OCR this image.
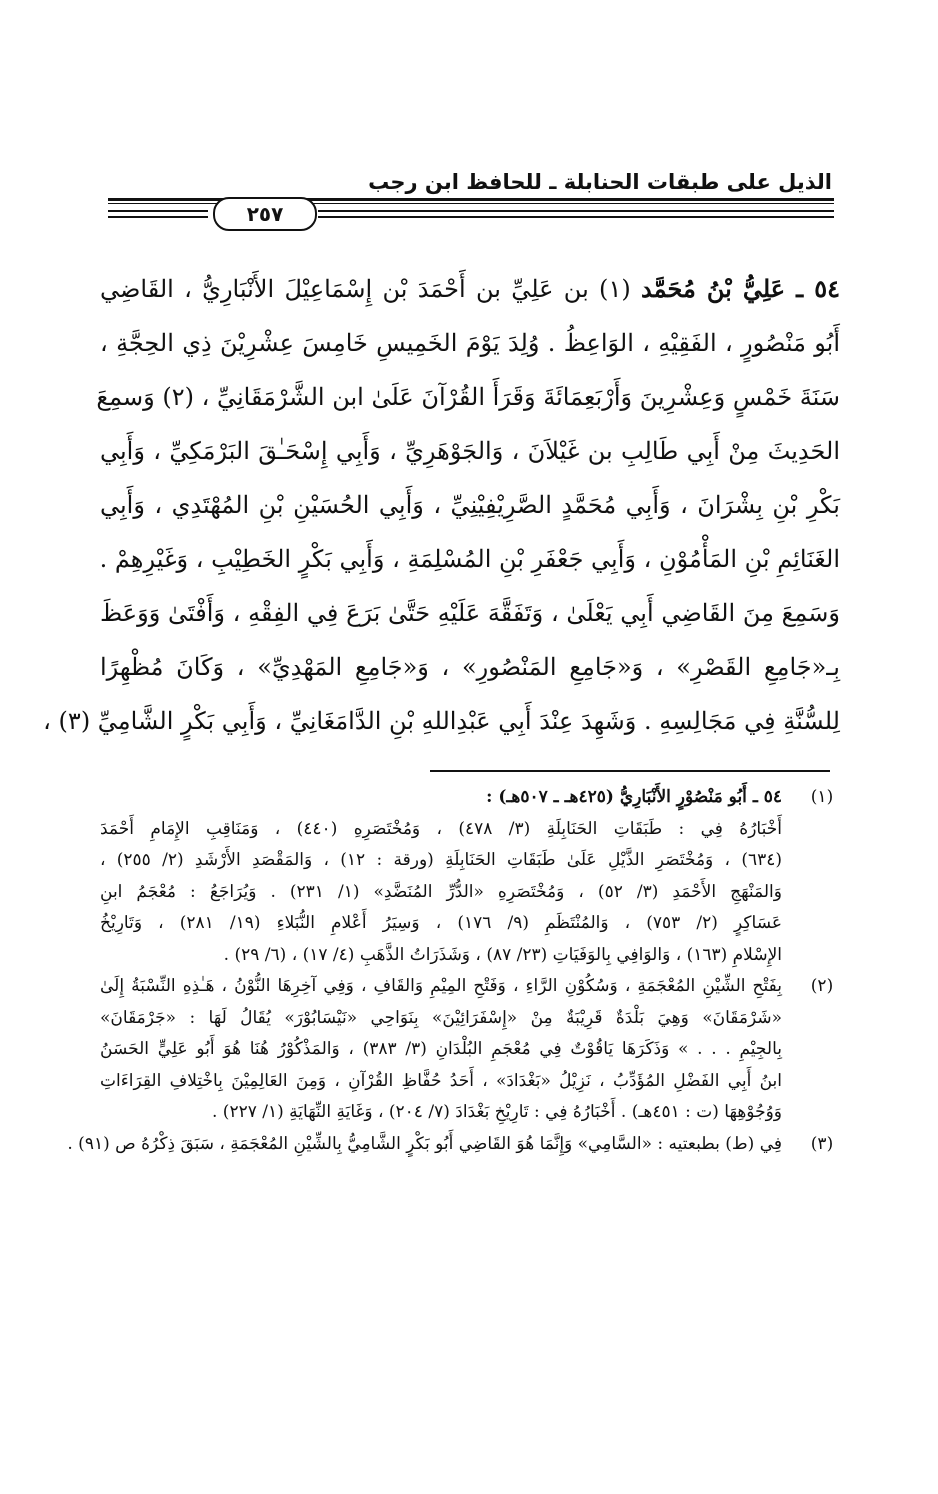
الذيل على طبقات الحنابلة ـ للحافظ ابن رجب
٢٥٧
٥٤ ـ عَلِيُّ بْنُ مُحَمَّد (١) بن عَلِيِّ بن أَحْمَدَ بْن إِسْمَاعِيْلَ الأَنْبَارِيُّ ، القَاضِي
أَبُو مَنْصُورٍ ، الفَقِيْهِ ، الوَاعِظُ . وُلِدَ يَوْمَ الخَمِيسِ خَامِسَ عِشْرِيْنَ ذِي الحِجَّةِ ،
سَنَةَ خَمْسٍ وَعِشْرِينَ وَأَرْبَعِمَائَةَ وَقَرَأَ القُرْآنَ عَلَىٰ ابن الشَّرْمَقَانِيِّ ، (٢) وَسمِعَ
الحَدِيثَ مِنْ أَبِي طَالِبِ بن غَيْلاَنَ ، وَالجَوْهَرِيِّ ، وَأَبِي إِسْحَـٰقَ البَرْمَكِيِّ ، وَأَبِي
بَكْرِ بْنِ بِشْرَانَ ، وَأَبِي مُحَمَّدٍ الصَّرِيْفِيْنِيِّ ، وَأَبِي الحُسَيْنِ بْنِ المُهْتَدِي ، وَأَبِي
الغَنَائِمِ بْنِ المَأْمُوْنِ ، وَأَبِي جَعْفَرِ بْنِ المُسْلِمَةِ ، وَأَبِي بَكْرٍ الخَطِيْبِ ، وَغَيْرِهِمْ .
وَسَمِعَ مِنَ القَاضِي أَبِي يَعْلَىٰ ، وَتَفَقَّهَ عَلَيْهِ حَتَّىٰ بَرَعَ فِي الفِقْهِ ، وَأَفْتَىٰ وَوَعَظَ
بِـ«جَامِعِ القَصْرِ» ، وَ«جَامِعِ المَنْصُورِ» ، وَ«جَامِعِ المَهْدِيِّ» ، وَكَانَ مُظْهِرًا
لِلسُّنَّةِ فِي مَجَالِسِهِ . وَشَهِدَ عِنْدَ أَبِي عَبْدِاللهِ بْنِ الدَّامَغَانِيِّ ، وَأَبِي بَكْرٍ الشَّامِيِّ (٣) ،
(١)
٥٤ ـ أَبُو مَنْصُوْرٍ الأَنْبَارِيُّ (٤٢٥هـ ـ ٥٠٧هـ) :
أَخْبَارُهُ فِي : طَبَقَاتِ الحَنَابِلَةِ (٣/ ٤٧٨) ، وَمُخْتَصَرِهِ (٤٤٠) ، وَمَنَاقِبِ الإِمَامِ أَحْمَدَ
(٦٣٤) ، وَمُخْتَصَرِ الذَّيْلِ عَلَىٰ طَبَقَاتِ الحَنَابِلَةِ (ورقة : ١٢) ، وَالمَقْصَدِ الأَرْشَدِ (٢/ ٢٥٥) ،
وَالمَنْهَجِ الأَحْمَدِ (٣/ ٥٢) ، وَمُخْتَصَرِهِ «الدُّرِّ المُنَضَّدِ» (١/ ٢٣١) . وَيُرَاجَعُ : مُعْجَمُ ابنِ
عَسَاكِرٍ (٢/ ٧٥٣) ، وَالمُنْتَظَمِ (٩/ ١٧٦) ، وَسِيَرُ أَعْلامِ النُّبَلاءِ (١٩/ ٢٨١) ، وَتَارِيْخُ
الإِسْلامِ (١٦٣) ، وَالوَافِي بِالوَفَيَاتِ (٢٣/ ٨٧) ، وَشَذَرَاتُ الذَّهَبِ (٤/ ١٧) ، (٦/ ٢٩) .
(٢)
بِفَتْحِ الشِّيْنِ المُعْجَمَةِ ، وَسُكُوْنِ الرَّاءِ ، وَفَتْحِ المِيْمِ وَالقَافِ ، وَفِي آخِرِهَا النُّوْنُ ، هَـٰذِهِ النِّسْبَةُ إِلَىٰ
«شَرْمَقَانَ» وَهِيَ بَلْدَةٌ قَرِيْبَةٌ مِنْ «إِسْفَرَائِيْنَ» بِنَوَاحِي «نَيْسَابُوْرَ» يُقَالُ لَهَا : «جَرْمَقَانَ»
بِالجِيْمِ . . . » وَذَكَرَهَا يَاقُوْتٌ فِي مُعْجَمِ البُلْدَانِ (٣/ ٣٨٣) ، وَالمَذْكُوْرُ هُنَا هُوَ أَبُو عَلِيٍّ الحَسَنُ
ابنُ أَبِي الفَضْلِ المُؤَدِّبُ ، نَزِيْلُ «بَغْدَادَ» ، أَحَدُ حُفَّاظِ القُرْآنِ ، وَمِنَ العَالِمِيْنَ بِاخْتِلافِ القِرَاءَاتِ
وَوُجُوْهِهَا (ت : ٤٥١هـ) . أَخْبَارُهُ فِي : تَارِيْخِ بَغْدَادَ (٧/ ٢٠٤) ، وَغَايَةِ النِّهَايَةِ (١/ ٢٢٧) .
(٣)
فِي (ط) بطبعتيه : «السَّامِي» وَإِنَّمَا هُوَ القَاضِي أَبُو بَكْرٍ الشَّامِيُّ بِالشِّيْنِ المُعْجَمَةِ ، سَبَقَ ذِكْرُهُ ص (٩١) .
